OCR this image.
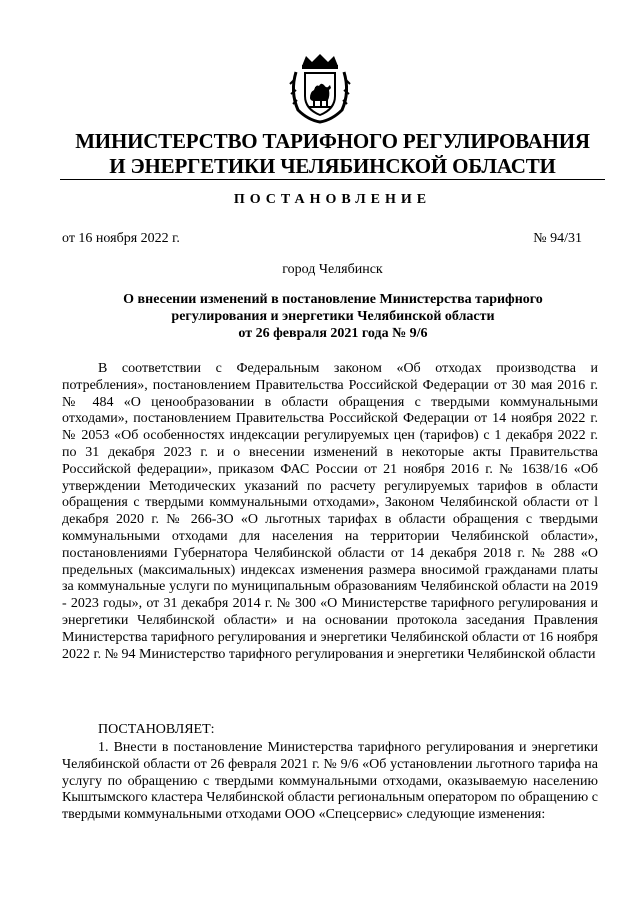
МИНИСТЕРСТВО ТАРИФНОГО РЕГУЛИРОВАНИЯ
И ЭНЕРГЕТИКИ ЧЕЛЯБИНСКОЙ ОБЛАСТИ
ПОСТАНОВЛЕНИЕ
от 16 ноября 2022 г.	№ 94/31
город Челябинск
О внесении изменений в постановление Министерства тарифного
регулирования и энергетики Челябинской области
от 26 февраля 2021 года № 9/6

В соответствии с Федеральным законом «Об отходах производства и потребления», постановлением Правительства Российской Федерации от 30 мая 2016 г. № 484 «О ценообразовании в области обращения с твердыми коммунальными отходами», постановлением Правительства Российской Федерации от 14 ноября 2022 г. № 2053 «Об особенностях индексации регулируемых цен (тарифов) с 1 декабря 2022 г. по 31 декабря 2023 г. и о внесении изменений в некоторые акты Правительства Российской федерации», приказом ФАС России от 21 ноября 2016 г. № 1638/16 «Об утверждении Методических указаний по расчету регулируемых тарифов в области обращения с твердыми коммунальными отходами», Законом Челябинской области от l декабря 2020 г. № 266-ЗО «О льготных тарифах в области обращения с твердыми коммунальными отходами для населения на территории Челябинской области», постановлениями Губернатора Челябинской области от 14 декабря 2018 г. № 288 «О предельных (максимальных) индексах изменения размера вносимой гражданами платы за коммунальные услуги по муниципальным образованиям Челябинской области на 2019 - 2023 годы», от 31 декабря 2014 г. № 300 «О Министерстве тарифного регулирования и энергетики Челябинской области» и на основании протокола заседания Правления Министерства тарифного регулирования и энергетики Челябинской области от 16 ноября 2022 г. № 94 Министерство тарифного регулирования и энергетики Челябинской области

ПОСТАНОВЛЯЕТ:
1. Внести в постановление Министерства тарифного регулирования и энергетики Челябинской области от 26 февраля 2021 г. № 9/6 «Об установлении льготного тарифа на услугу по обращению с твердыми коммунальными отходами, оказываемую населению Кыштымского кластера Челябинской области региональным оператором по обращению с твердыми коммунальными отходами ООО «Спецсервис» следующие изменения:
